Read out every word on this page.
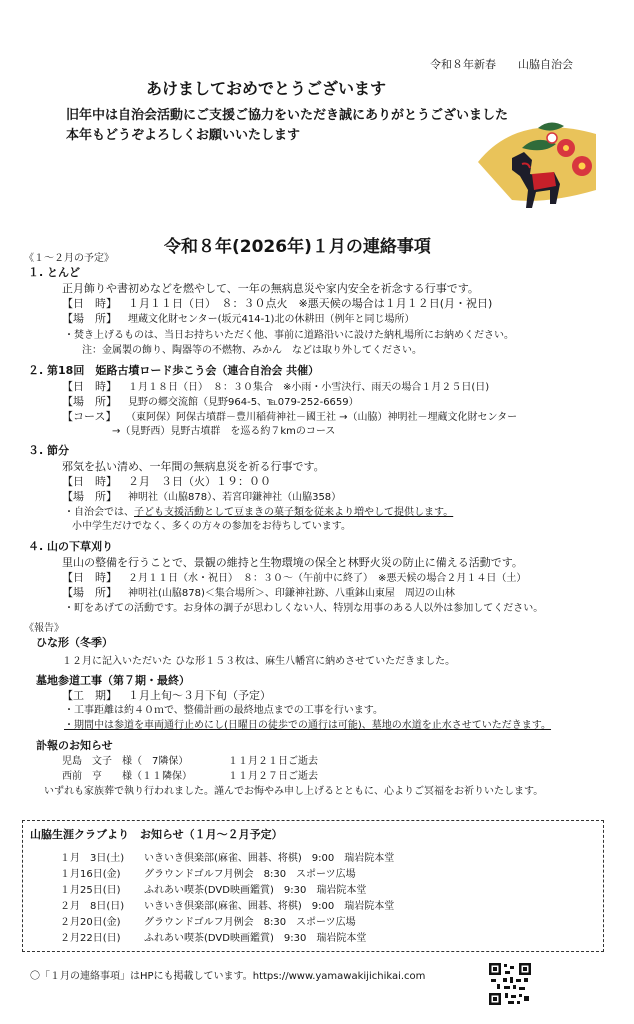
令和８年新春　　山脇自治会
あけましておめでとうございます
旧年中は自治会活動にご支援ご協力をいただき誠にありがとうございました
本年もどうぞよろしくお願いいたします
令和８年(2026年)１月の連絡事項
《１～２月の予定》
１. とんど
正月飾りや書初めなどを燃やして、一年の無病息災や家内安全を祈念する行事です。
【日　時】 １月１１日（日）　８：３０点火　※悪天候の場合は１月１２日(月・祝日)
【場　所】 埋蔵文化財センター(坂元414-1)北の休耕田（例年と同じ場所）
・焚き上げるものは、当日お持ちいただく他、事前に道路沿いに設けた納札場所にお納めください。
注：金属製の飾り、陶器等の不燃物、みかん　などは取り外してください。
２. 第18回　姫路古墳ロード歩こう会（連合自治会 共催）
【日　時】 １月１８日（日）　８：３０集合　※小雨・小雪決行、雨天の場合１月２５日(日)
【場　所】 見野の郷交流館（見野964-5、℡079-252-6659）
【コース】 （東阿保）阿保古墳群－豊川稲荷神社－國王社 →（山脇）神明社－埋蔵文化財センター
→（見野西）見野古墳群　を巡る約７kmのコース
３. 節分
邪気を払い清め、一年間の無病息災を祈る行事です。
【日　時】 ２月　３日（火）１９：００
【場　所】 神明社（山脇878）、若宮印鎌神社（山脇358）
・自治会では、子ども支援活動として豆まきの菓子類を従来より増やして提供します。
小中学生だけでなく、多くの方々の参加をお待ちしています。
４. 山の下草刈り
里山の整備を行うことで、景観の維持と生物環境の保全と林野火災の防止に備える活動です。
【日　時】 ２月１１日（水・祝日）　８：３０～（午前中に終了）　※悪天候の場合２月１４日（土）
【場　所】 神明社(山脇878)＜集合場所＞、印鎌神社跡、八重鉢山東屋　周辺の山林
・町をあげての活動です。お身体の調子が思わしくない人、特別な用事のある人以外は参加してください。
《報告》
ひな形（冬季）
１２月に記入いただいた ひな形１５３枚は、麻生八幡宮に納めさせていただきました。
墓地参道工事（第７期・最終）
【工　期】 １月上旬～３月下旬（予定）
・工事距離は約４０ｍで、整備計画の最終地点までの工事を行います。
・期間中は参道を車両通行止めにし(日曜日の徒歩での通行は可能)、墓地の水道を止水させていただきます。
訃報のお知らせ
児島　文子　様（　7隣保）	１１月２１日ご逝去
西前　亨　　様（１１隣保）	１１月２７日ご逝去
いずれも家族葬で執り行われました。謹んでお悔やみ申し上げるとともに、心よりご冥福をお祈りいたします。
山脇生涯クラブより　お知らせ（１月～２月予定）
１月　3日(土) いきいき倶楽部(麻雀、囲碁、将棋)　9:00　瑞岩院本堂
１月16日(金) グラウンドゴルフ月例会　8:30　スポーツ広場
１月25日(日) ふれあい喫茶(DVD映画鑑賞)　9:30　瑞岩院本堂
２月　8日(日) いきいき倶楽部(麻雀、囲碁、将棋)　9:00　瑞岩院本堂
２月20日(金) グラウンドゴルフ月例会　8:30　スポーツ広場
２月22日(日) ふれあい喫茶(DVD映画鑑賞)　9:30　瑞岩院本堂
〇「１月の連絡事項」はHPにも掲載しています。https://www.yamawakijichikai.com
